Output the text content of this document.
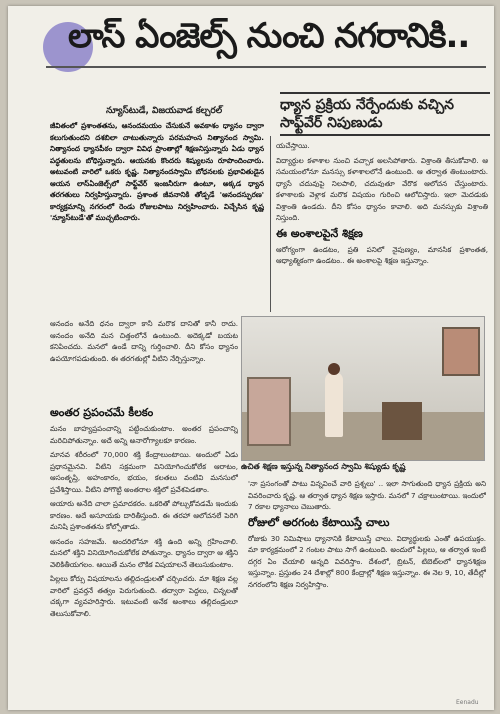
లాస్ ఏంజెల్స్ నుంచి నగరానికి..
న్యూస్‌టుడే, విజయవాడ కల్చరల్	ధ్యాన ప్రక్రియ నేర్పేందుకు వచ్చిన సాఫ్ట్‌వేర్ నిపుణుడు

జీవితంలో ప్రశాంతతను, ఆనందమయం చేసుకునే అవకాశం ధ్యానం ద్వారా కలుగుతుందని దశబిలా చాటుతున్నారు పరమహంస నిత్యానంద స్వామి. నిత్యానంద ధ్యానపీఠం ద్వారా వివిధ ప్రాంతాల్లో శిక్షణనిస్తున్నారు ఏడు ధ్యాన పద్ధతులను బోధిస్తున్నారు. ఆయనకు కొందరు శిష్యులను రూపొందించారు. అటువంటి వారిలో ఒకరు కృష్ణ. నిత్యానందస్వామి బోధనలకు ప్రభావితుడైన ఆయన లాస్‌ఏంజెల్స్‌లో సాఫ్ట్‌వేర్ ఇంజనీరుగా ఉంటూ, అక్కడ ధ్యాన తరగతులు నిర్వహిస్తున్నారు. ప్రశాంత జీవనానికి తోడ్పడే 'ఆనందస్ఫురణ' కార్యక్రమాన్ని నగరంలో రెండు రోజులపాటు నిర్వహించారు. విచ్చేసిన కృష్ణ 'న్యూస్‌టుడే'తో ముచ్చటించారు.

ఆనందం అనేది ధనం ద్వారా కానీ మరొక దానితో కానీ రాదు. ఆనందం అనేది మన చిత్తంలోనే ఉంటుంది. అదెక్కడో బయట కనిపించదు. మనలో ఉండే దాన్ని గుర్తించాలి. దీని కోసం ధ్యానం ఉపయోగపడుతుంది. ఈ తరగతుల్లో వీటిని నేర్పిస్తున్నాం.

అంతర ప్రపంచమే కీలకం

మనం బాహ్యప్రపంచాన్ని పట్టించుకుంటాం. అంతర ప్రపంచాన్ని మరిచిపోతున్నాం. అదే అన్ని అనారోగ్యాలకూ కారణం.

మానవ శరీరంలో 70,000 శక్తి కేంద్రాలుంటాయి. అందులో ఏడు ప్రధానమైనవి. వీటిని సక్రమంగా వినియోగించుకోలేక ఆరాటం, ఆసంతృప్తి, అహంకారం, భయం, కలతలు వంటివి మనసులో ప్రవేశిస్తాయి. వీటిని పోగొట్టి అంతరాల శక్తిలో ప్రవేశపెడతాం.

ఆయారు అనేది చాలా ప్రమాదకరం. ఒకరితో పోల్చుకోవడమే ఇందుకు కారణం. అదే అసూయకు దారితీస్తుంది. ఈ తరహా ఆలోచనలే పెరిగి మనిషి ప్రశాంతతను కోల్పోతాడు.

ఆనందం సహజమే. అందరిలోనూ శక్తి ఉంది అన్ని గ్రహించాలి. మనలో శక్తిని వినియోగించుకోలేక పోతున్నాం. ధ్యానం ద్వారా ఆ శక్తిని వెలికితీయగలం. ఆయితే మనం లౌకిక విషయాలనే తెలుసుకుంటాం.

పిల్లలు కోర్సు విషయాలను తల్లిదండ్రులతో చర్చించరు. మా శిక్షణ వల్ల వారిలో ప్రవర్తనే తత్వం పెరుగుతుంది. తద్వారా పెద్దలు, చిన్నలతో చక్కగా వ్యవహరిస్తారు. ఇటువంటి అనేక అంశాలు తల్లిదండ్రులూ తెలుసుకోవాలి.

యచేస్తాయి.

విద్యార్థుల కళాశాల నుంచి వచ్చాక అలసిపోతారు. విశ్రాంతి తీసుకోవాలి. ఆ సమయంలోనూ మనస్సు కళాశాలలోనే ఉంటుంది. ఆ తర్వాత తింటుంటారు. ధ్యాసే చదువుపై నిలపాలి, చదువుతూ వేరొక ఆలోచన చేస్తుంటారు. కళాశాలకు వెళ్లాక మరొక విషయం గురించి ఆలోచిస్తారు. ఇలా మెదడుకు విశ్రాంతి ఉండదు. దీని కోసం ధ్యానం కావాలి. అది మనస్సుకు విశ్రాంతి నిస్తుంది.

ఈ అంశాలపైనే శిక్షణ

ఆరోగ్యంగా ఉండటం, ప్రతి పనిలో నైపుణ్యం, మానసిక ప్రశాంతత, ఆధ్యాత్మికంగా ఉండటం.. ఈ అంశాలపై శిక్షణ ఇస్తున్నాం.

ఉచిత శిక్షణ ఇస్తున్న నిత్యానంద స్వామి శిష్యుడు కృష్ణ

'నా ప్రసంగంతో పాటు విన్నవించే వారి ప్రశ్నలు' .. ఇలా సాగుతుంది ధ్యాన ప్రక్రియ అని వివరించారు కృష్ణ. ఆ తర్వాత ధ్యాన శిక్షణ ఇస్తారు. మనలో 7 చక్రాలుంటాయి. ఇందులో 7 రకాల ధ్యానాలు చెబుతారు.

రోజులో అరగంట కేటాయిస్తే చాలు

రోజుకు 30 నిమిషాలు ధ్యానానికి కేటాయిస్తే చాలు. విద్యార్థులకు ఎంతో ఉపయుక్తం. మా కార్యక్రమంలో 2 గంటల పాటు సాగే ఉంటుంది. అందులో పిల్లలు, ఆ తర్వాత ఇంటి దగ్గర ఏం చేయాలి అన్నది వివరిస్తాం. దేశంలో, బ్రిటన్, టిబెట్‌లలో ధ్యానశిక్షణ ఇస్తున్నాం. ప్రస్తుతం 24 దేశాల్లో 800 కేంద్రాల్లో శిక్షణ ఇస్తున్నాం. ఈ నెల 9, 10, తేదీల్లో నగరంలోని శిక్షణ నిర్వహిస్తాం.

Eenadu
